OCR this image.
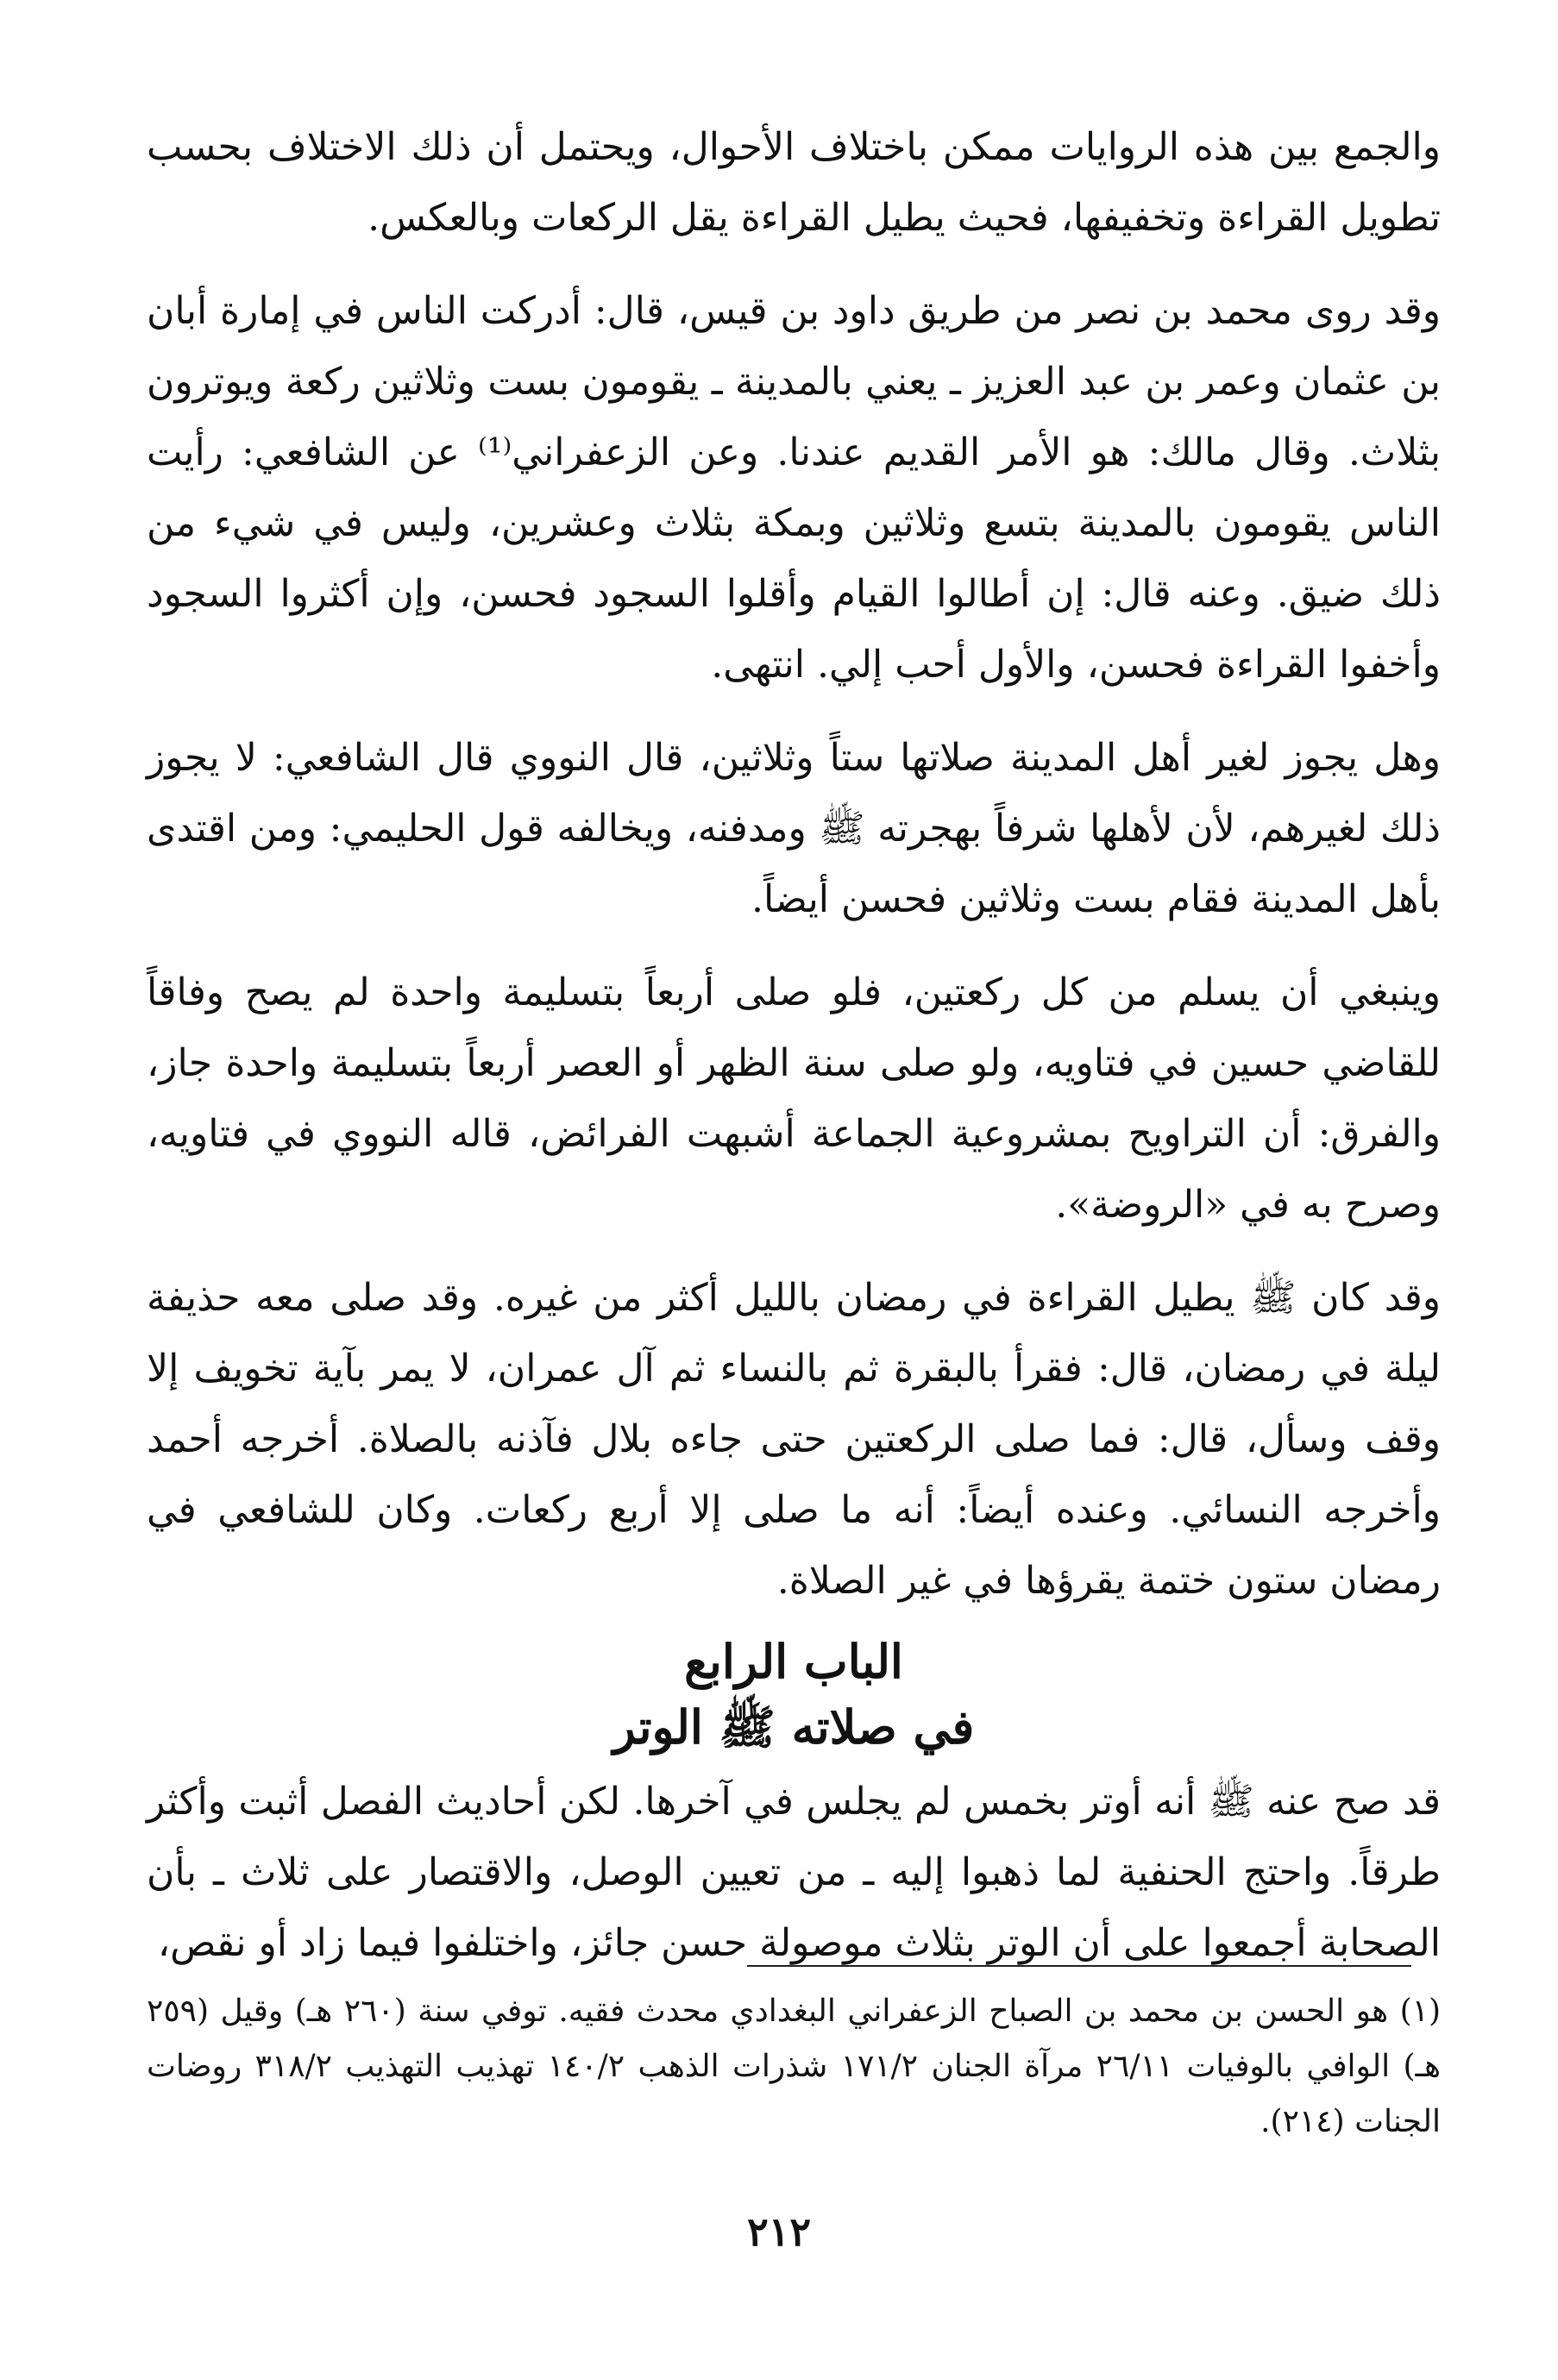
والجمع بين هذه الروايات ممكن باختلاف الأحوال، ويحتمل أن ذلك الاختلاف بحسب تطويل القراءة وتخفيفها، فحيث يطيل القراءة يقل الركعات وبالعكس.

وقد روى محمد بن نصر من طريق داود بن قيس، قال: أدركت الناس في إمارة أبان بن عثمان وعمر بن عبد العزيز ـ يعني بالمدينة ـ يقومون بست وثلاثين ركعة ويوترون بثلاث. وقال مالك: هو الأمر القديم عندنا. وعن الزعفراني⁽¹⁾ عن الشافعي: رأيت الناس يقومون بالمدينة بتسع وثلاثين وبمكة بثلاث وعشرين، وليس في شيء من ذلك ضيق. وعنه قال: إن أطالوا القيام وأقلوا السجود فحسن، وإن أكثروا السجود وأخفوا القراءة فحسن، والأول أحب إلي. انتهى.

وهل يجوز لغير أهل المدينة صلاتها ستاً وثلاثين، قال النووي قال الشافعي: لا يجوز ذلك لغيرهم، لأن لأهلها شرفاً بهجرته ﷺ ومدفنه، ويخالفه قول الحليمي: ومن اقتدى بأهل المدينة فقام بست وثلاثين فحسن أيضاً.

وينبغي أن يسلم من كل ركعتين، فلو صلى أربعاً بتسليمة واحدة لم يصح وفاقاً للقاضي حسين في فتاويه، ولو صلى سنة الظهر أو العصر أربعاً بتسليمة واحدة جاز، والفرق: أن التراويح بمشروعية الجماعة أشبهت الفرائض، قاله النووي في فتاويه، وصرح به في «الروضة».

وقد كان ﷺ يطيل القراءة في رمضان بالليل أكثر من غيره. وقد صلى معه حذيفة ليلة في رمضان، قال: فقرأ بالبقرة ثم بالنساء ثم آل عمران، لا يمر بآية تخويف إلا وقف وسأل، قال: فما صلى الركعتين حتى جاءه بلال فآذنه بالصلاة. أخرجه أحمد وأخرجه النسائي. وعنده أيضاً: أنه ما صلى إلا أربع ركعات. وكان للشافعي في رمضان ستون ختمة يقرؤها في غير الصلاة.

الباب الرابع

في صلاته ﷺ الوتر

قد صح عنه ﷺ أنه أوتر بخمس لم يجلس في آخرها. لكن أحاديث الفصل أثبت وأكثر طرقاً. واحتج الحنفية لما ذهبوا إليه ـ من تعيين الوصل، والاقتصار على ثلاث ـ بأن الصحابة أجمعوا على أن الوتر بثلاث موصولة حسن جائز، واختلفوا فيما زاد أو نقص،

(١) هو الحسن بن محمد بن الصباح الزعفراني البغدادي محدث فقيه. توفي سنة (٢٦٠ هـ) وقيل (٢٥٩ هـ) الوافي بالوفيات ٢٦/١١ مرآة الجنان ١٧١/٢ شذرات الذهب ١٤٠/٢ تهذيب التهذيب ٣١٨/٢ روضات الجنات (٢١٤).

٢١٢
